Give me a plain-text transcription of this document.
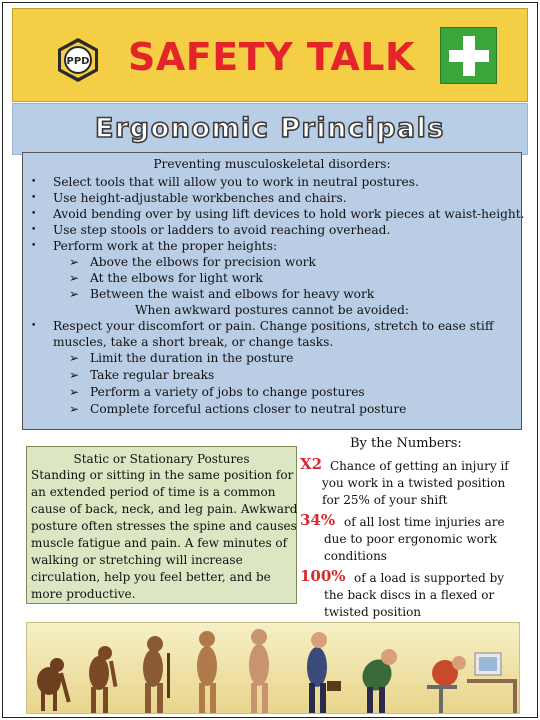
PPD SAFETY TALK
Ergonomic Principals
Preventing musculoskeletal disorders:
• Select tools that will allow you to work in neutral postures.
• Use height-adjustable workbenches and chairs.
• Avoid bending over by using lift devices to hold work pieces at waist-height.
• Use step stools or ladders to avoid reaching overhead.
• Perform work at the proper heights:
➢ Above the elbows for precision work
➢ At the elbows for light work
➢ Between the waist and elbows for heavy work
When awkward postures cannot be avoided:
• Respect your discomfort or pain. Change positions, stretch to ease stiff
muscles, take a short break, or change tasks.
➢ Limit the duration in the posture
➢ Take regular breaks
➢ Perform a variety of jobs to change postures
➢ Complete forceful actions closer to neutral posture
Static or Stationary Postures
Standing or sitting in the same position for
an extended period of time is a common
cause of back, neck, and leg pain. Awkward
posture often stresses the spine and causes
muscle fatigue and pain. A few minutes of
walking or stretching will increase
circulation, help you feel better, and be
more productive.
By the Numbers:
X2 Chance of getting an injury if
you work in a twisted position
for 25% of your shift
34% of all lost time injuries are
due to poor ergonomic work
conditions
100% of a load is supported by
the back discs in a flexed or
twisted position
